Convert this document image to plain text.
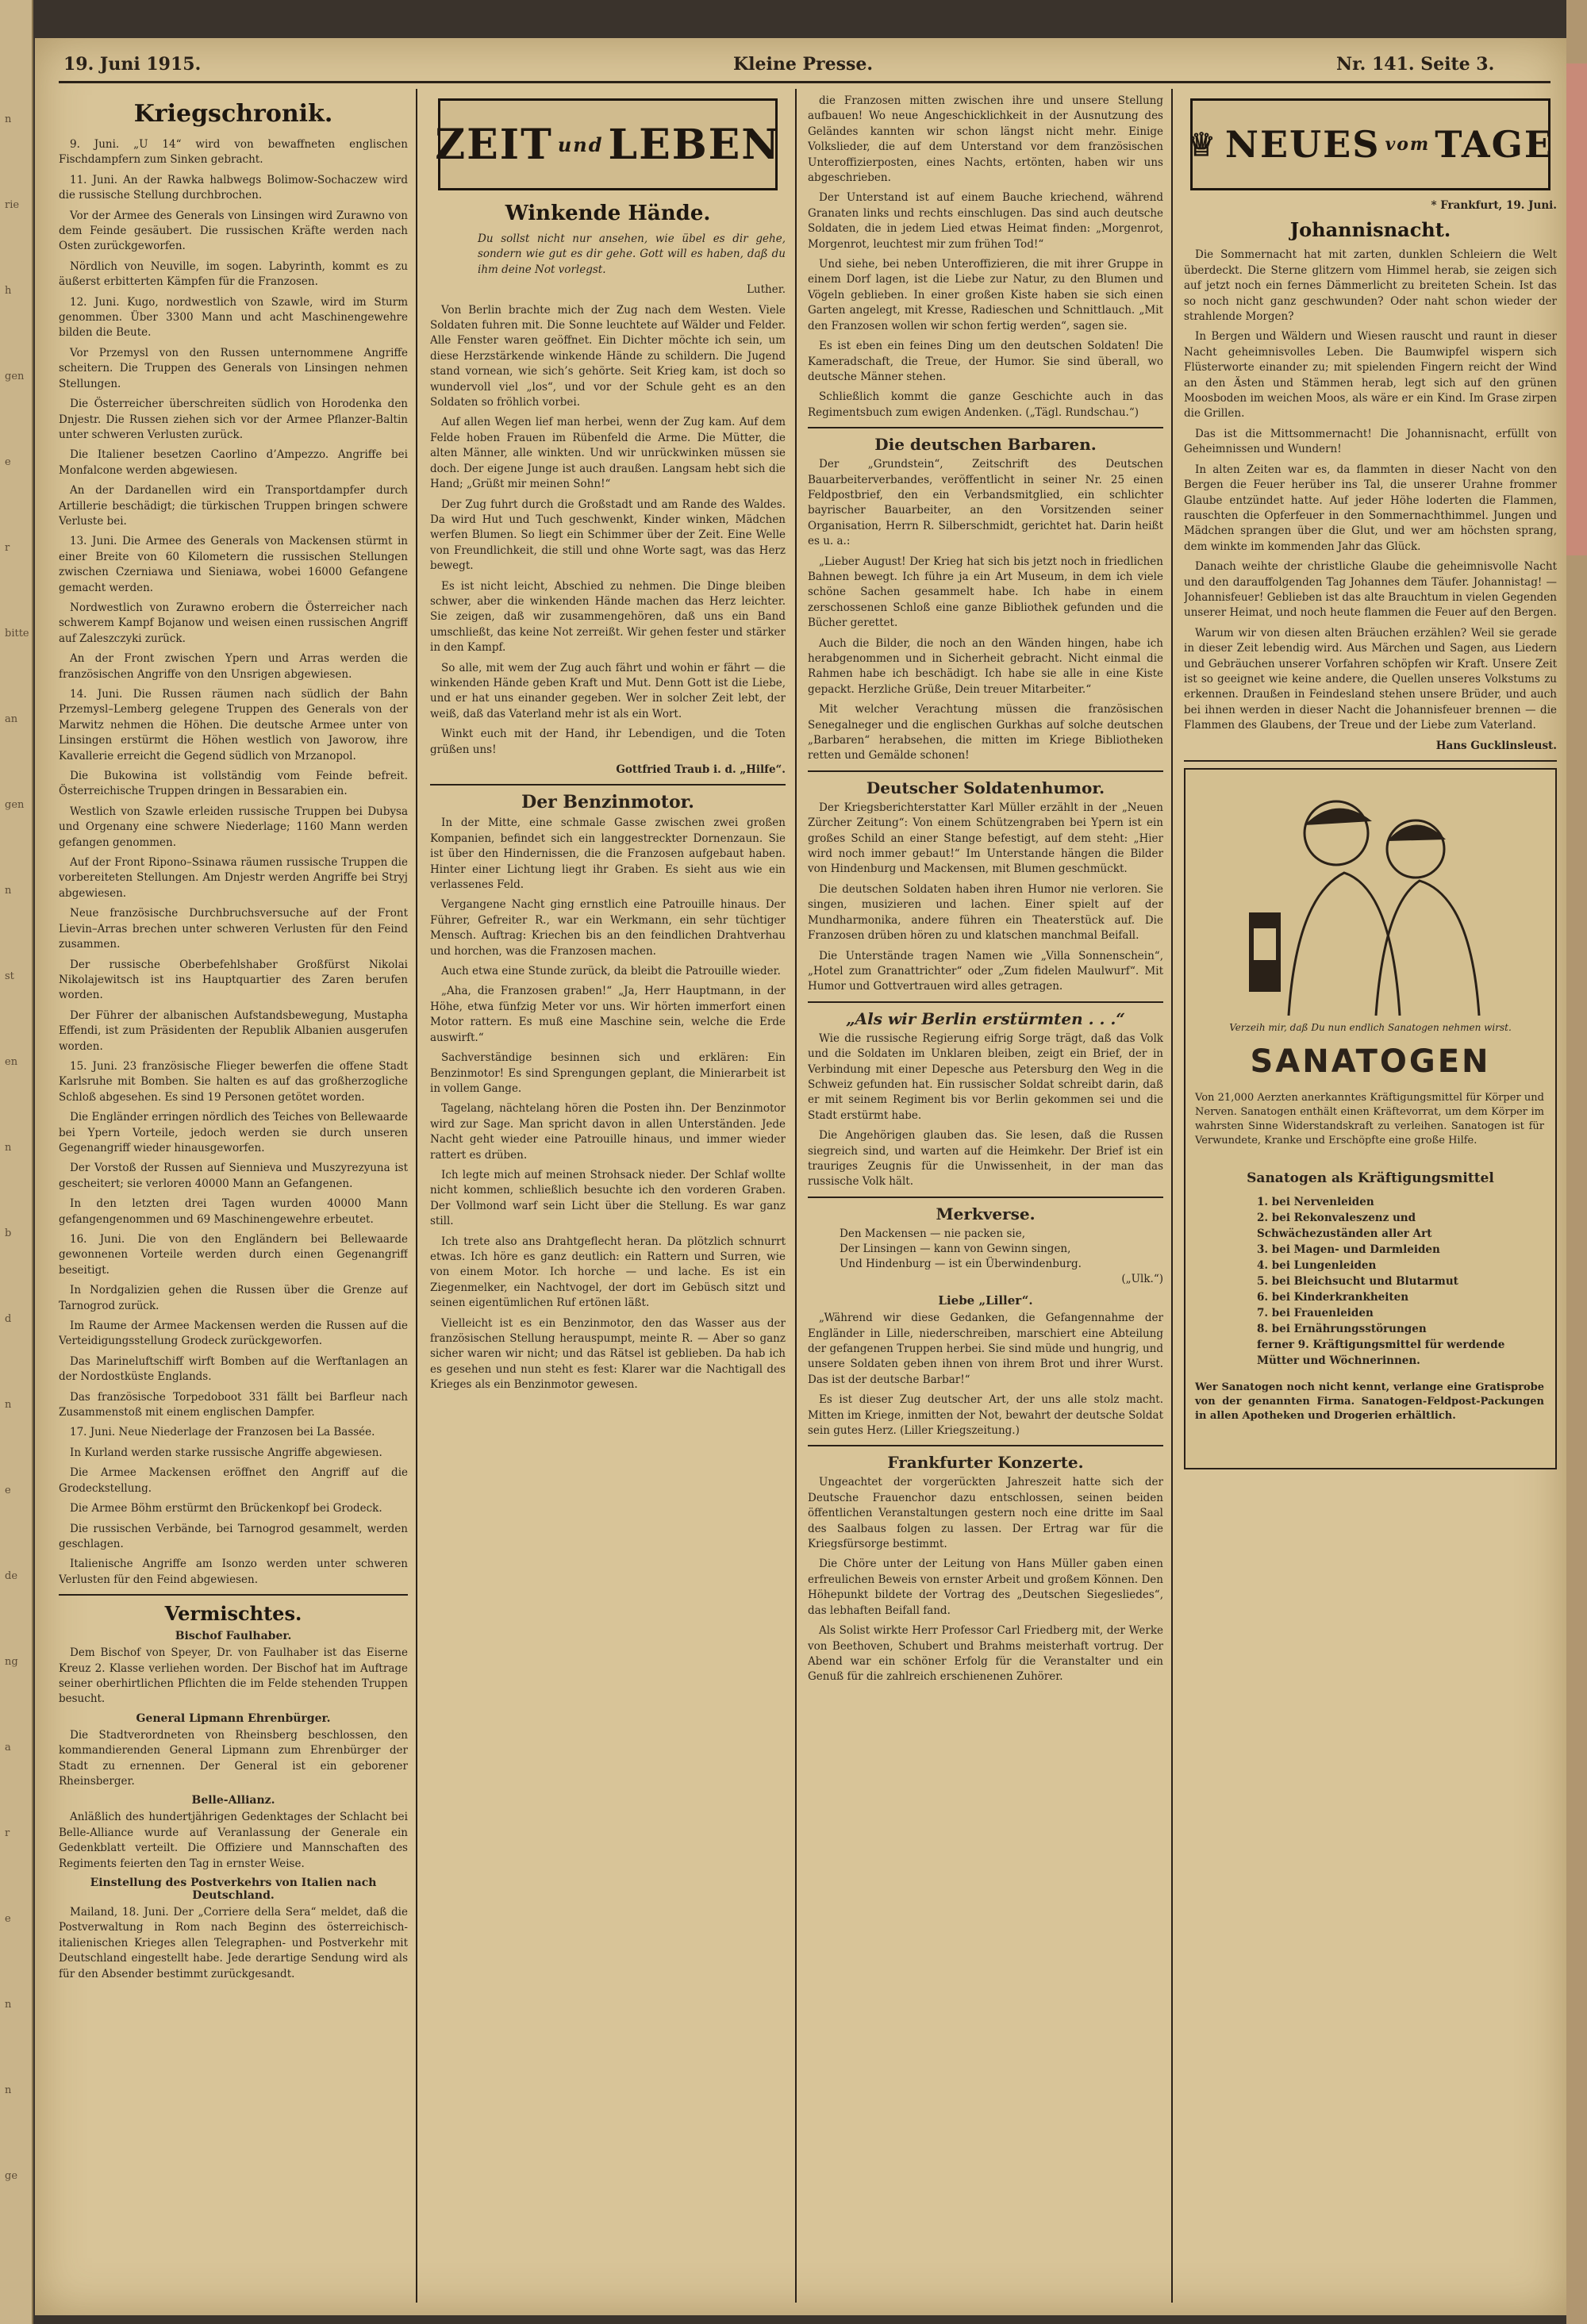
n
rie
h
gen
e
r
bitte
an
gen
n
st
en
n
b
d
n
e
de
ng
a
r
e
n
n
ge
19. Juni 1915.	Kleine Presse.	Nr. 141. Seite 3.
Kriegschronik.

9. Juni. „U 14“ wird von bewaffneten englischen Fischdampfern zum Sinken gebracht.

11. Juni. An der Rawka halbwegs Bolimow-Sochaczew wird die russische Stellung durchbrochen.

Vor der Armee des Generals von Linsingen wird Zurawno von dem Feinde gesäubert. Die russischen Kräfte werden nach Osten zurückgeworfen.

Nördlich von Neuville, im sogen. Labyrinth, kommt es zu äußerst erbitterten Kämpfen für die Franzosen.

12. Juni. Kugo, nordwestlich von Szawle, wird im Sturm genommen. Über 3300 Mann und acht Maschinengewehre bilden die Beute.

Vor Przemysl von den Russen unternommene Angriffe scheitern. Die Truppen des Generals von Linsingen nehmen Stellungen.

Die Österreicher überschreiten südlich von Horodenka den Dnjestr. Die Russen ziehen sich vor der Armee Pflanzer-Baltin unter schweren Verlusten zurück.

Die Italiener besetzen Caorlino d’Ampezzo. Angriffe bei Monfalcone werden abgewiesen.

An der Dardanellen wird ein Transportdampfer durch Artillerie beschädigt; die türkischen Truppen bringen schwere Verluste bei.

13. Juni. Die Armee des Generals von Mackensen stürmt in einer Breite von 60 Kilometern die russischen Stellungen zwischen Czerniawa und Sieniawa, wobei 16000 Gefangene gemacht werden.

Nordwestlich von Zurawno erobern die Österreicher nach schwerem Kampf Bojanow und weisen einen russischen Angriff auf Zaleszczyki zurück.

An der Front zwischen Ypern und Arras werden die französischen Angriffe von den Unsrigen abgewiesen.

14. Juni. Die Russen räumen nach südlich der Bahn Przemysl–Lemberg gelegene Truppen des Generals von der Marwitz nehmen die Höhen. Die deutsche Armee unter von Linsingen erstürmt die Höhen westlich von Jaworow, ihre Kavallerie erreicht die Gegend südlich von Mrzanopol.

Die Bukowina ist vollständig vom Feinde befreit. Österreichische Truppen dringen in Bessarabien ein.

Westlich von Szawle erleiden russische Truppen bei Dubysa und Orgenany eine schwere Niederlage; 1160 Mann werden gefangen genommen.

Auf der Front Ripono–Ssinawa räumen russische Truppen die vorbereiteten Stellungen. Am Dnjestr werden Angriffe bei Stryj abgewiesen.

Neue französische Durchbruchsversuche auf der Front Lievin–Arras brechen unter schweren Verlusten für den Feind zusammen.

Der russische Oberbefehlshaber Großfürst Nikolai Nikolajewitsch ist ins Hauptquartier des Zaren berufen worden.

Der Führer der albanischen Aufstandsbewegung, Mustapha Effendi, ist zum Präsidenten der Republik Albanien ausgerufen worden.

15. Juni. 23 französische Flieger bewerfen die offene Stadt Karlsruhe mit Bomben. Sie halten es auf das großherzogliche Schloß abgesehen. Es sind 19 Personen getötet worden.

Die Engländer erringen nördlich des Teiches von Bellewaarde bei Ypern Vorteile, jedoch werden sie durch unseren Gegenangriff wieder hinausgeworfen.

Der Vorstoß der Russen auf Siennieva und Muszyrezyuna ist gescheitert; sie verloren 40000 Mann an Gefangenen.

In den letzten drei Tagen wurden 40000 Mann gefangengenommen und 69 Maschinengewehre erbeutet.

16. Juni. Die von den Engländern bei Bellewaarde gewonnenen Vorteile werden durch einen Gegenangriff beseitigt.

In Nordgalizien gehen die Russen über die Grenze auf Tarnogrod zurück.

Im Raume der Armee Mackensen werden die Russen auf die Verteidigungsstellung Grodeck zurückgeworfen.

Das Marineluftschiff wirft Bomben auf die Werftanlagen an der Nordostküste Englands.

Das französische Torpedoboot 331 fällt bei Barfleur nach Zusammenstoß mit einem englischen Dampfer.

17. Juni. Neue Niederlage der Franzosen bei La Bassée.

In Kurland werden starke russische Angriffe abgewiesen.

Die Armee Mackensen eröffnet den Angriff auf die Grodeckstellung.

Die Armee Böhm erstürmt den Brückenkopf bei Grodeck.

Die russischen Verbände, bei Tarnogrod gesammelt, werden geschlagen.

Italienische Angriffe am Isonzo werden unter schweren Verlusten für den Feind abgewiesen.

Vermischtes.
Bischof Faulhaber.

Dem Bischof von Speyer, Dr. von Faulhaber ist das Eiserne Kreuz 2. Klasse verliehen worden. Der Bischof hat im Auftrage seiner oberhirtlichen Pflichten die im Felde stehenden Truppen besucht.

General Lipmann Ehrenbürger.

Die Stadtverordneten von Rheinsberg beschlossen, den kommandierenden General Lipmann zum Ehrenbürger der Stadt zu ernennen. Der General ist ein geborener Rheinsberger.

Belle-Allianz.

Anläßlich des hundertjährigen Gedenktages der Schlacht bei Belle-Alliance wurde auf Veranlassung der Generale ein Gedenkblatt verteilt. Die Offiziere und Mannschaften des Regiments feierten den Tag in ernster Weise.

Einstellung des Postverkehrs von Italien nach Deutschland.

Mailand, 18. Juni. Der „Corriere della Sera“ meldet, daß die Postverwaltung in Rom nach Beginn des österreichisch-italienischen Krieges allen Telegraphen- und Postverkehr mit Deutschland eingestellt habe. Jede derartige Sendung wird als für den Absender bestimmt zurückgesandt.

ZEIT und LEBEN
Winkende Hände.

Du sollst nicht nur ansehen, wie übel es dir gehe, sondern wie gut es dir gehe. Gott will es haben, daß du ihm deine Not vorlegst.

Luther.

Von Berlin brachte mich der Zug nach dem Westen. Viele Soldaten fuhren mit. Die Sonne leuchtete auf Wälder und Felder. Alle Fenster waren geöffnet. Ein Dichter möchte ich sein, um diese Herzstärkende winkende Hände zu schildern. Die Jugend stand vornean, wie sich’s gehörte. Seit Krieg kam, ist doch so wundervoll viel „los“, und vor der Schule geht es an den Soldaten so fröhlich vorbei.

Auf allen Wegen lief man herbei, wenn der Zug kam. Auf dem Felde hoben Frauen im Rübenfeld die Arme. Die Mütter, die alten Männer, alle winkten. Und wir unrückwinken müssen sie doch. Der eigene Junge ist auch draußen. Langsam hebt sich die Hand; „Grüßt mir meinen Sohn!“

Der Zug fuhrt durch die Großstadt und am Rande des Waldes. Da wird Hut und Tuch geschwenkt, Kinder winken, Mädchen werfen Blumen. So liegt ein Schimmer über der Zeit. Eine Welle von Freundlichkeit, die still und ohne Worte sagt, was das Herz bewegt.

Es ist nicht leicht, Abschied zu nehmen. Die Dinge bleiben schwer, aber die winkenden Hände machen das Herz leichter. Sie zeigen, daß wir zusammengehören, daß uns ein Band umschließt, das keine Not zerreißt. Wir gehen fester und stärker in den Kampf.

So alle, mit wem der Zug auch fährt und wohin er fährt — die winkenden Hände geben Kraft und Mut. Denn Gott ist die Liebe, und er hat uns einander gegeben. Wer in solcher Zeit lebt, der weiß, daß das Vaterland mehr ist als ein Wort.

Winkt euch mit der Hand, ihr Lebendigen, und die Toten grüßen uns!

Gottfried Traub i. d. „Hilfe“.

Der Benzinmotor.

In der Mitte, eine schmale Gasse zwischen zwei großen Kompanien, befindet sich ein langgestreckter Dornenzaun. Sie ist über den Hindernissen, die die Franzosen aufgebaut haben. Hinter einer Lichtung liegt ihr Graben. Es sieht aus wie ein verlassenes Feld.

Vergangene Nacht ging ernstlich eine Patrouille hinaus. Der Führer, Gefreiter R., war ein Werkmann, ein sehr tüchtiger Mensch. Auftrag: Kriechen bis an den feindlichen Drahtverhau und horchen, was die Franzosen machen.

Auch etwa eine Stunde zurück, da bleibt die Patrouille wieder.

„Aha, die Franzosen graben!“ „Ja, Herr Hauptmann, in der Höhe, etwa fünfzig Meter vor uns. Wir hörten immerfort einen Motor rattern. Es muß eine Maschine sein, welche die Erde auswirft.“

Sachverständige besinnen sich und erklären: Ein Benzinmotor! Es sind Sprengungen geplant, die Minierarbeit ist in vollem Gange.

Tagelang, nächtelang hören die Posten ihn. Der Benzinmotor wird zur Sage. Man spricht davon in allen Unterständen. Jede Nacht geht wieder eine Patrouille hinaus, und immer wieder rattert es drüben.

Ich legte mich auf meinen Strohsack nieder. Der Schlaf wollte nicht kommen, schließlich besuchte ich den vorderen Graben. Der Vollmond warf sein Licht über die Stellung. Es war ganz still.

Ich trete also ans Drahtgeflecht heran. Da plötzlich schnurrt etwas. Ich höre es ganz deutlich: ein Rattern und Surren, wie von einem Motor. Ich horche — und lache. Es ist ein Ziegenmelker, ein Nachtvogel, der dort im Gebüsch sitzt und seinen eigentümlichen Ruf ertönen läßt.

Vielleicht ist es ein Benzinmotor, den das Wasser aus der französischen Stellung herauspumpt, meinte R. — Aber so ganz sicher waren wir nicht; und das Rätsel ist geblieben. Da hab ich es gesehen und nun steht es fest: Klarer war die Nachtigall des Krieges als ein Benzinmotor gewesen.

die Franzosen mitten zwischen ihre und unsere Stellung aufbauen! Wo neue Angeschicklichkeit in der Ausnutzung des Geländes kannten wir schon längst nicht mehr. Einige Volkslieder, die auf dem Unterstand vor dem französischen Unteroffizierposten, eines Nachts, ertönten, haben wir uns abgeschrieben.

Der Unterstand ist auf einem Bauche kriechend, während Granaten links und rechts einschlugen. Das sind auch deutsche Soldaten, die in jedem Lied etwas Heimat finden: „Morgenrot, Morgenrot, leuchtest mir zum frühen Tod!“

Und siehe, bei neben Unteroffizieren, die mit ihrer Gruppe in einem Dorf lagen, ist die Liebe zur Natur, zu den Blumen und Vögeln geblieben. In einer großen Kiste haben sie sich einen Garten angelegt, mit Kresse, Radieschen und Schnittlauch. „Mit den Franzosen wollen wir schon fertig werden“, sagen sie.

Es ist eben ein feines Ding um den deutschen Soldaten! Die Kameradschaft, die Treue, der Humor. Sie sind überall, wo deutsche Männer stehen.

Schließlich kommt die ganze Geschichte auch in das Regimentsbuch zum ewigen Andenken. („Tägl. Rundschau.“)

Die deutschen Barbaren.

Der „Grundstein“, Zeitschrift des Deutschen Bauarbeiterverbandes, veröffentlicht in seiner Nr. 25 einen Feldpostbrief, den ein Verbandsmitglied, ein schlichter bayrischer Bauarbeiter, an den Vorsitzenden seiner Organisation, Herrn R. Silberschmidt, gerichtet hat. Darin heißt es u. a.:

„Lieber August! Der Krieg hat sich bis jetzt noch in friedlichen Bahnen bewegt. Ich führe ja ein Art Museum, in dem ich viele schöne Sachen gesammelt habe. Ich habe in einem zerschossenen Schloß eine ganze Bibliothek gefunden und die Bücher gerettet.

Auch die Bilder, die noch an den Wänden hingen, habe ich herabgenommen und in Sicherheit gebracht. Nicht einmal die Rahmen habe ich beschädigt. Ich habe sie alle in eine Kiste gepackt. Herzliche Grüße, Dein treuer Mitarbeiter.“

Mit welcher Verachtung müssen die französischen Senegalneger und die englischen Gurkhas auf solche deutschen „Barbaren“ herabsehen, die mitten im Kriege Bibliotheken retten und Gemälde schonen!

Deutscher Soldatenhumor.

Der Kriegsberichterstatter Karl Müller erzählt in der „Neuen Zürcher Zeitung“: Von einem Schützengraben bei Ypern ist ein großes Schild an einer Stange befestigt, auf dem steht: „Hier wird noch immer gebaut!“ Im Unterstande hängen die Bilder von Hindenburg und Mackensen, mit Blumen geschmückt.

Die deutschen Soldaten haben ihren Humor nie verloren. Sie singen, musizieren und lachen. Einer spielt auf der Mundharmonika, andere führen ein Theaterstück auf. Die Franzosen drüben hören zu und klatschen manchmal Beifall.

Die Unterstände tragen Namen wie „Villa Sonnenschein“, „Hotel zum Granattrichter“ oder „Zum fidelen Maulwurf“. Mit Humor und Gottvertrauen wird alles getragen.

„Als wir Berlin erstürmten . . .“

Wie die russische Regierung eifrig Sorge trägt, daß das Volk und die Soldaten im Unklaren bleiben, zeigt ein Brief, der in Verbindung mit einer Depesche aus Petersburg den Weg in die Schweiz gefunden hat. Ein russischer Soldat schreibt darin, daß er mit seinem Regiment bis vor Berlin gekommen sei und die Stadt erstürmt habe.

Die Angehörigen glauben das. Sie lesen, daß die Russen siegreich sind, und warten auf die Heimkehr. Der Brief ist ein trauriges Zeugnis für die Unwissenheit, in der man das russische Volk hält.

Merkverse.
Den Mackensen — nie packen sie,
Der Linsingen — kann von Gewinn singen,
Und Hindenburg — ist ein Überwindenburg.

(„Ulk.“)

Liebe „Liller“.

„Während wir diese Gedanken, die Gefangennahme der Engländer in Lille, niederschreiben, marschiert eine Abteilung der gefangenen Truppen herbei. Sie sind müde und hungrig, und unsere Soldaten geben ihnen von ihrem Brot und ihrer Wurst. Das ist der deutsche Barbar!“

Es ist dieser Zug deutscher Art, der uns alle stolz macht. Mitten im Kriege, inmitten der Not, bewahrt der deutsche Soldat sein gutes Herz. (Liller Kriegszeitung.)

Frankfurter Konzerte.

Ungeachtet der vorgerückten Jahreszeit hatte sich der Deutsche Frauenchor dazu entschlossen, seinen beiden öffentlichen Veranstaltungen gestern noch eine dritte im Saal des Saalbaus folgen zu lassen. Der Ertrag war für die Kriegsfürsorge bestimmt.

Die Chöre unter der Leitung von Hans Müller gaben einen erfreulichen Beweis von ernster Arbeit und großem Können. Den Höhepunkt bildete der Vortrag des „Deutschen Siegesliedes“, das lebhaften Beifall fand.

Als Solist wirkte Herr Professor Carl Friedberg mit, der Werke von Beethoven, Schubert und Brahms meisterhaft vortrug. Der Abend war ein schöner Erfolg für die Veranstalter und ein Genuß für die zahlreich erschienenen Zuhörer.

♕ NEUES vom TAGE

* Frankfurt, 19. Juni.

Johannisnacht.

Die Sommernacht hat mit zarten, dunklen Schleiern die Welt überdeckt. Die Sterne glitzern vom Himmel herab, sie zeigen sich auf jetzt noch ein fernes Dämmerlicht zu breiteten Schein. Ist das so noch nicht ganz geschwunden? Oder naht schon wieder der strahlende Morgen?

In Bergen und Wäldern und Wiesen rauscht und raunt in dieser Nacht geheimnisvolles Leben. Die Baumwipfel wispern sich Flüsterworte einander zu; mit spielenden Fingern reicht der Wind an den Ästen und Stämmen herab, legt sich auf den grünen Moosboden im weichen Moos, als wäre er ein Kind. Im Grase zirpen die Grillen.

Das ist die Mittsommernacht! Die Johannisnacht, erfüllt von Geheimnissen und Wundern!

In alten Zeiten war es, da flammten in dieser Nacht von den Bergen die Feuer herüber ins Tal, die unserer Urahne frommer Glaube entzündet hatte. Auf jeder Höhe loderten die Flammen, rauschten die Opferfeuer in den Sommernachthimmel. Jungen und Mädchen sprangen über die Glut, und wer am höchsten sprang, dem winkte im kommenden Jahr das Glück.

Danach weihte der christliche Glaube die geheimnisvolle Nacht und den darauffolgenden Tag Johannes dem Täufer. Johannistag! — Johannisfeuer! Geblieben ist das alte Brauchtum in vielen Gegenden unserer Heimat, und noch heute flammen die Feuer auf den Bergen.

Warum wir von diesen alten Bräuchen erzählen? Weil sie gerade in dieser Zeit lebendig wird. Aus Märchen und Sagen, aus Liedern und Gebräuchen unserer Vorfahren schöpfen wir Kraft. Unsere Zeit ist so geeignet wie keine andere, die Quellen unseres Volkstums zu erkennen. Draußen in Feindesland stehen unsere Brüder, und auch bei ihnen werden in dieser Nacht die Johannisfeuer brennen — die Flammen des Glaubens, der Treue und der Liebe zum Vaterland.

Hans Gucklinsleust.

Verzeih mir, daß Du nun endlich Sanatogen nehmen wirst.
SANATOGEN

Von 21,000 Aerzten anerkanntes Kräftigungsmittel für Körper und Nerven. Sanatogen enthält einen Kräftevorrat, um dem Körper im wahrsten Sinne Widerstandskraft zu verleihen. Sanatogen ist für Verwundete, Kranke und Erschöpfte eine große Hilfe.

Sanatogen als Kräftigungsmittel
1. bei Nervenleiden
2. bei Rekonvaleszenz und Schwächezuständen aller Art
3. bei Magen- und Darmleiden
4. bei Lungenleiden
5. bei Bleichsucht und Blutarmut
6. bei Kinderkrankheiten
7. bei Frauenleiden
8. bei Ernährungsstörungen
ferner 9. Kräftigungsmittel für werdende Mütter und Wöchnerinnen.

Wer Sanatogen noch nicht kennt, verlange eine Gratisprobe von der genannten Firma. Sanatogen-Feldpost-Packungen in allen Apotheken und Drogerien erhältlich.
